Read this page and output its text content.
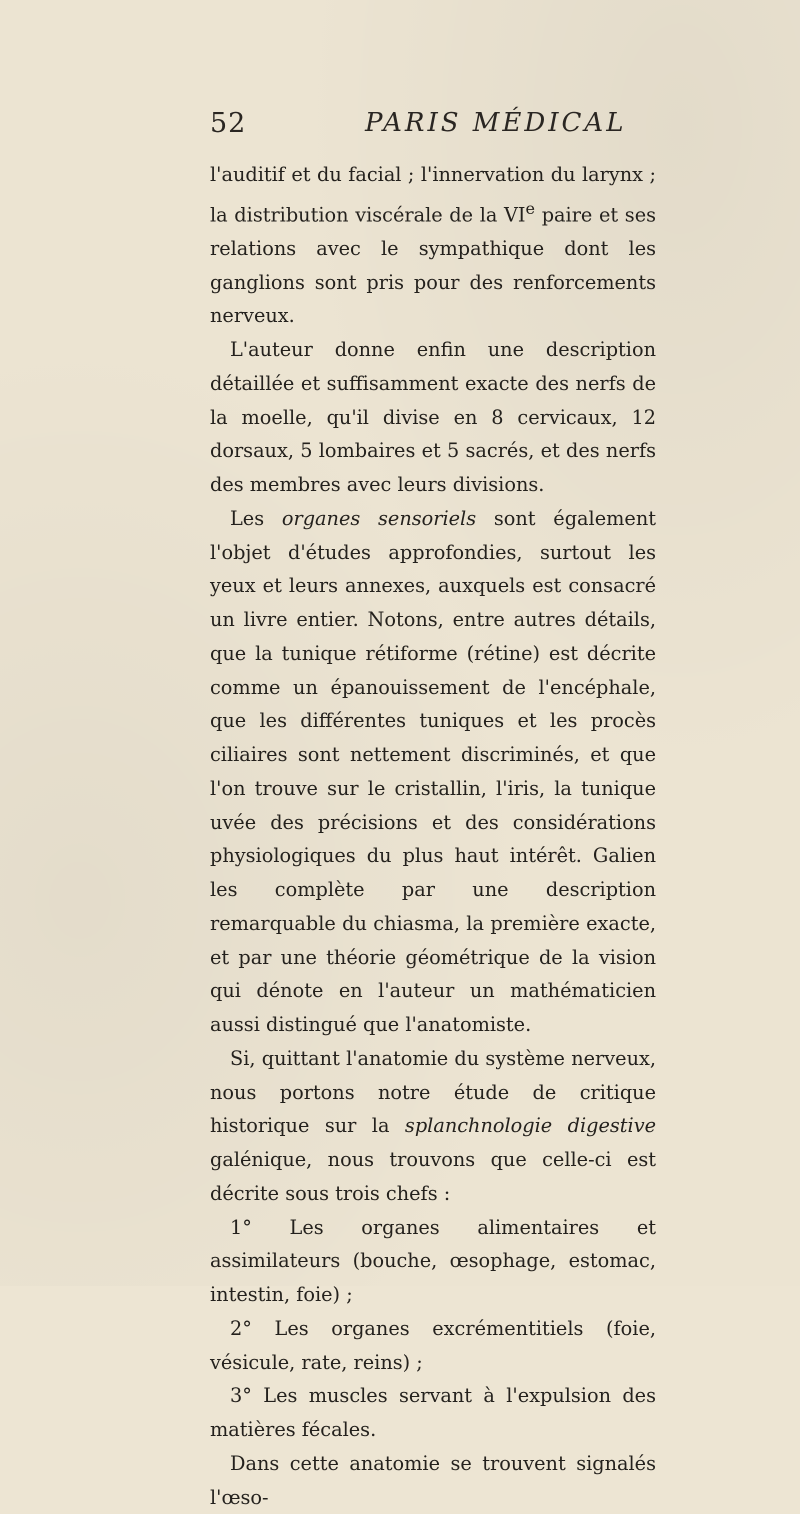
52	PARIS MÉDICAL

l'auditif et du facial ; l'innervation du larynx ; la distribution viscérale de la VIe paire et ses relations avec le sympathique dont les ganglions sont pris pour des renforcements nerveux.

L'auteur donne enfin une description détaillée et suffisamment exacte des nerfs de la moelle, qu'il divise en 8 cervicaux, 12 dorsaux, 5 lombaires et 5 sacrés, et des nerfs des membres avec leurs divisions.

Les organes sensoriels sont également l'objet d'études approfondies, surtout les yeux et leurs annexes, auxquels est consacré un livre entier. Notons, entre autres détails, que la tunique rétiforme (rétine) est décrite comme un épanouissement de l'encéphale, que les différentes tuniques et les procès ciliaires sont nettement discriminés, et que l'on trouve sur le cristallin, l'iris, la tunique uvée des précisions et des considérations physiologiques du plus haut intérêt. Galien les complète par une description remarquable du chiasma, la première exacte, et par une théorie géométrique de la vision qui dénote en l'auteur un mathématicien aussi distingué que l'anatomiste.

Si, quittant l'anatomie du système nerveux, nous portons notre étude de critique historique sur la splanchnologie digestive galénique, nous trouvons que celle-ci est décrite sous trois chefs :

1° Les organes alimentaires et assimilateurs (bouche, œsophage, estomac, intestin, foie) ;

2° Les organes excrémentitiels (foie, vésicule, rate, reins) ;

3° Les muscles servant à l'expulsion des matières fécales.

Dans cette anatomie se trouvent signalés l'œso-
